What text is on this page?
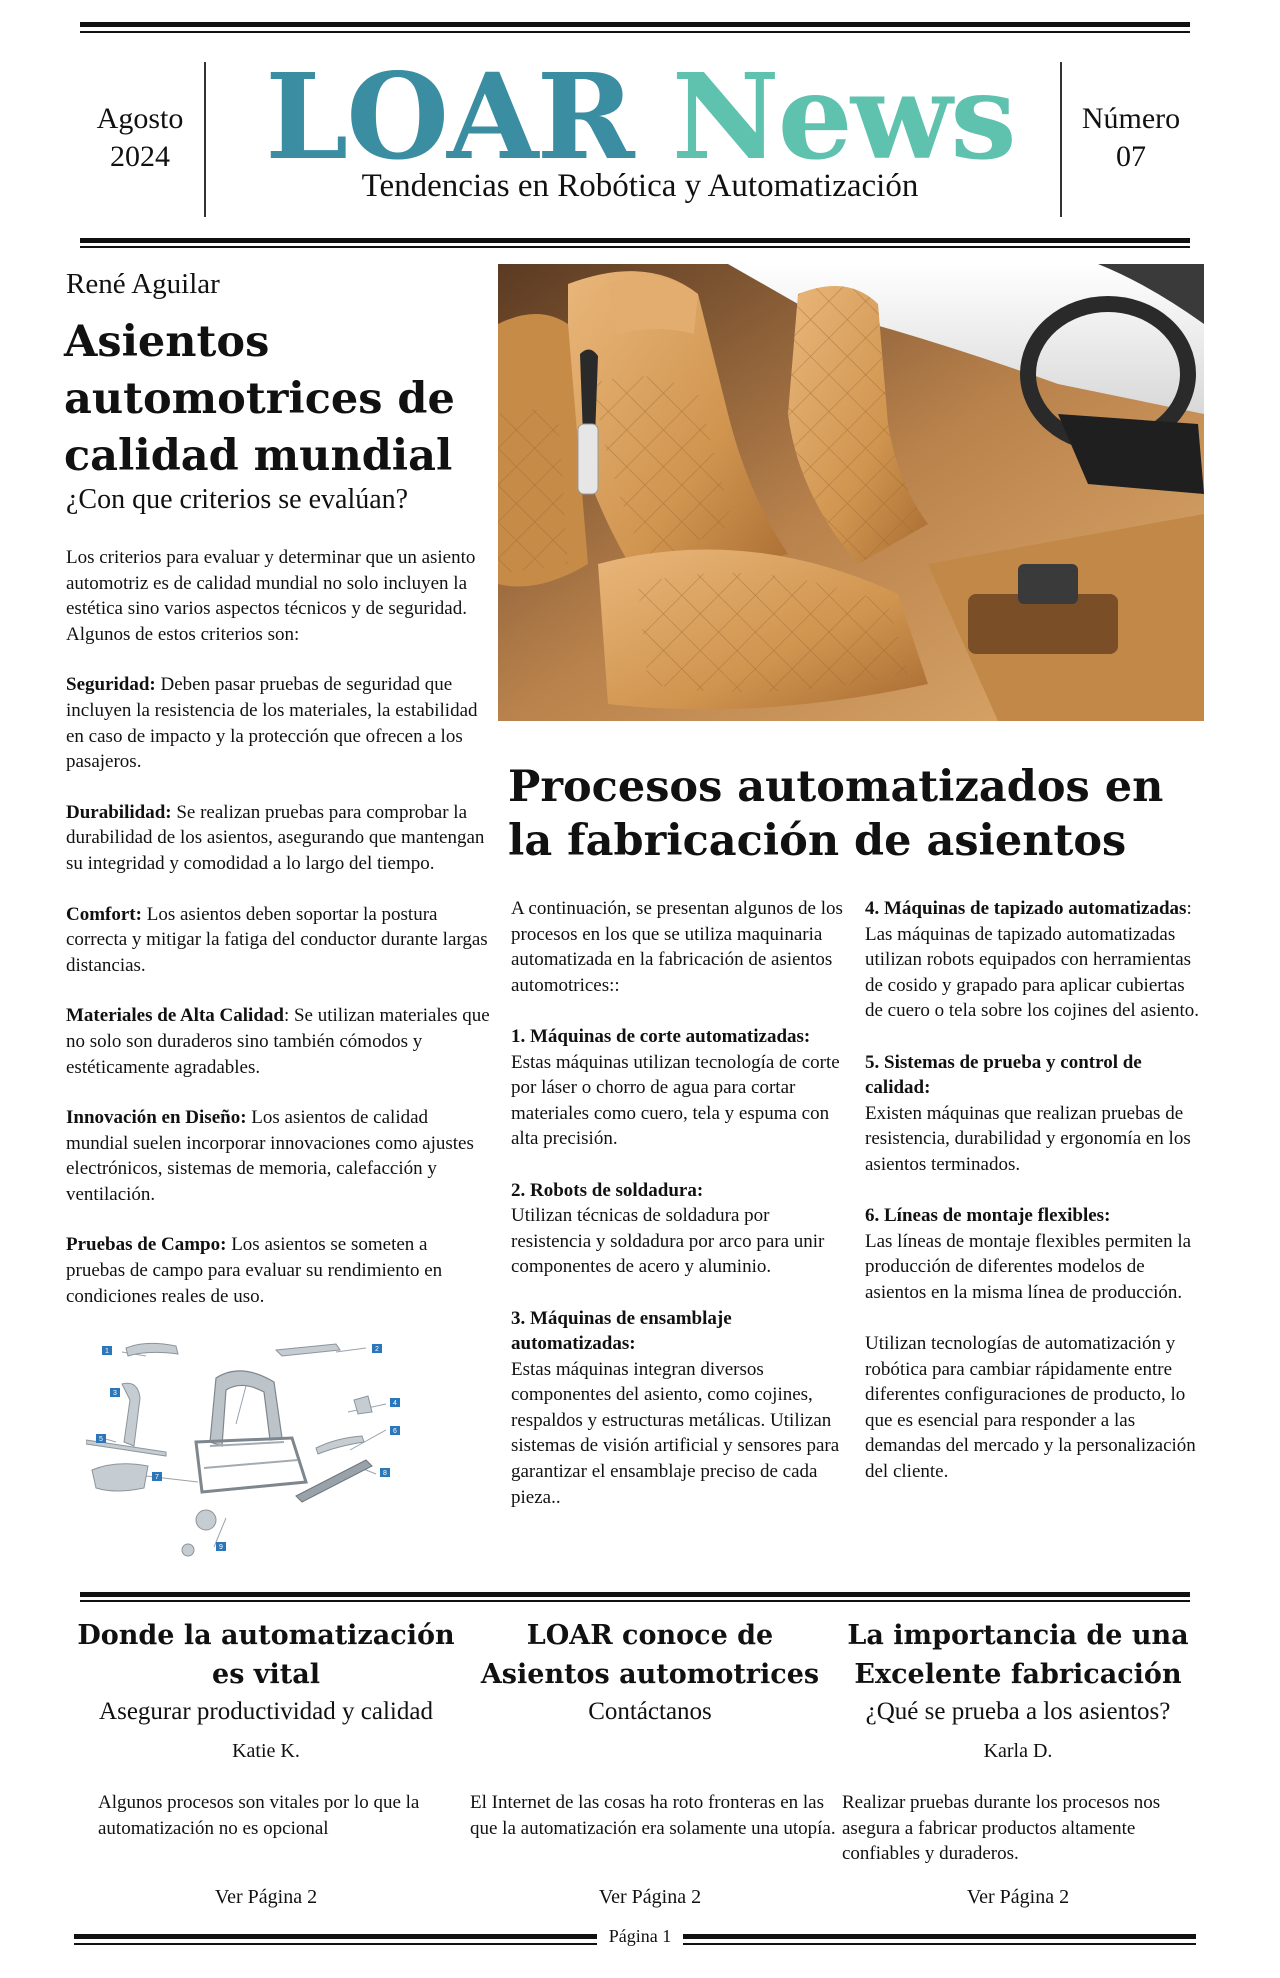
Agosto
2024 LOAR News
Tendencias en Robótica y Automatización
Número
07
René Aguilar
Asientos automotrices de calidad mundial
¿Con que criterios se evalúan?

Los criterios para evaluar y determinar que un asiento automotriz es de calidad mundial no solo incluyen la estética sino varios aspectos técnicos y de seguridad. Algunos de estos criterios son:

Seguridad: Deben pasar pruebas de seguridad que incluyen la resistencia de los materiales, la estabilidad en caso de impacto y la protección que ofrecen a los pasajeros.

Durabilidad: Se realizan pruebas para comprobar la durabilidad de los asientos, asegurando que mantengan su integridad y comodidad a lo largo del tiempo.

Comfort: Los asientos deben soportar la postura correcta y mitigar la fatiga del conductor durante largas distancias.

Materiales de Alta Calidad: Se utilizan materiales que no solo son duraderos sino también cómodos y estéticamente agradables.

Innovación en Diseño: Los asientos de calidad mundial suelen incorporar innovaciones como ajustes electrónicos, sistemas de memoria, calefacción y ventilación.

Pruebas de Campo: Los asientos se someten a pruebas de campo para evaluar su rendimiento en condiciones reales de uso.

1	2
3
4
5
6
7
8
9
Procesos automatizados en la fabricación de asientos

A continuación, se presentan algunos de los procesos en los que se utiliza maquinaria automatizada en la fabricación de asientos automotrices::

1. Máquinas de corte automatizadas:
Estas máquinas utilizan tecnología de corte por láser o chorro de agua para cortar materiales como cuero, tela y espuma con alta precisión.

2. Robots de soldadura:
Utilizan técnicas de soldadura por resistencia y soldadura por arco para unir componentes de acero y aluminio.

3. Máquinas de ensamblaje automatizadas:
Estas máquinas integran diversos componentes del asiento, como cojines, respaldos y estructuras metálicas. Utilizan sistemas de visión artificial y sensores para garantizar el ensamblaje preciso de cada pieza..

4. Máquinas de tapizado automatizadas:
Las máquinas de tapizado automatizadas utilizan robots equipados con herramientas de cosido y grapado para aplicar cubiertas de cuero o tela sobre los cojines del asiento.

5. Sistemas de prueba y control de calidad:
Existen máquinas que realizan pruebas de resistencia, durabilidad y ergonomía en los asientos terminados.

6. Líneas de montaje flexibles:
Las líneas de montaje flexibles permiten la producción de diferentes modelos de asientos en la misma línea de producción.

Utilizan tecnologías de automatización y robótica para cambiar rápidamente entre diferentes configuraciones de producto, lo que es esencial para responder a las demandas del mercado y la personalización del cliente.

Donde la automatización es vital
Asegurar productividad y calidad
Katie K.
Algunos procesos son vitales por lo que la automatización no es opcional
Ver Página 2
LOAR conoce de Asientos automotrices
Contáctanos
El Internet de las cosas ha roto fronteras en las que la automatización era solamente una utopía.
Ver Página 2
La importancia de una Excelente fabricación
¿Qué se prueba a los asientos?
Karla D.
Realizar pruebas durante los procesos nos asegura a fabricar productos altamente confiables y duraderos.
Ver Página 2
Página 1
